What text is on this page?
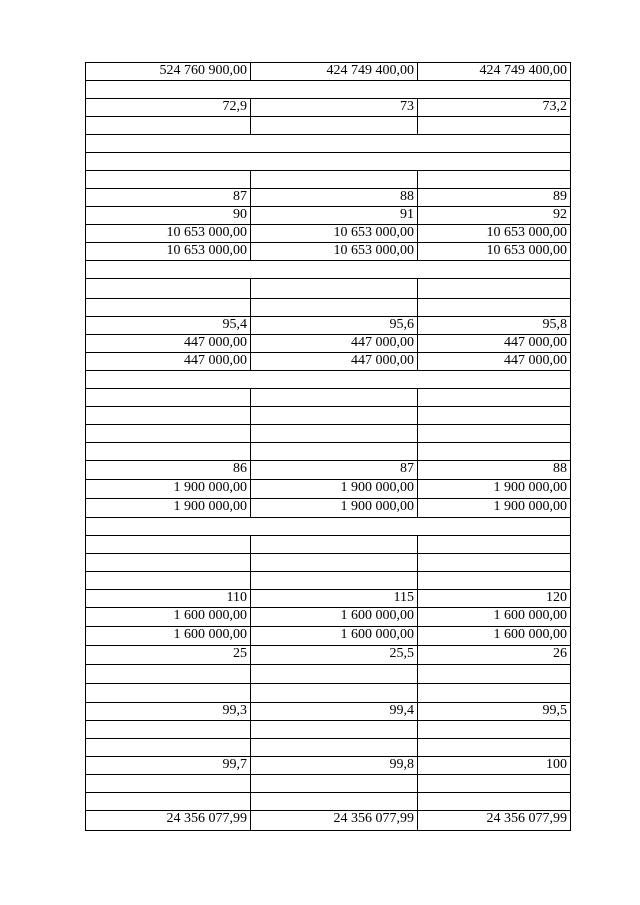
524 760 900,00	424 749 400,00	424 749 400,00
72,9	73	73,2
87	88	89
90	91	92
10 653 000,00	10 653 000,00	10 653 000,00
10 653 000,00	10 653 000,00	10 653 000,00
95,4	95,6	95,8
447 000,00	447 000,00	447 000,00
447 000,00	447 000,00	447 000,00
86	87	88
1 900 000,00	1 900 000,00	1 900 000,00
1 900 000,00	1 900 000,00	1 900 000,00
110	115	120
1 600 000,00	1 600 000,00	1 600 000,00
1 600 000,00	1 600 000,00	1 600 000,00
25	25,5	26
99,3	99,4	99,5
99,7	99,8	100
24 356 077,99	24 356 077,99	24 356 077,99
